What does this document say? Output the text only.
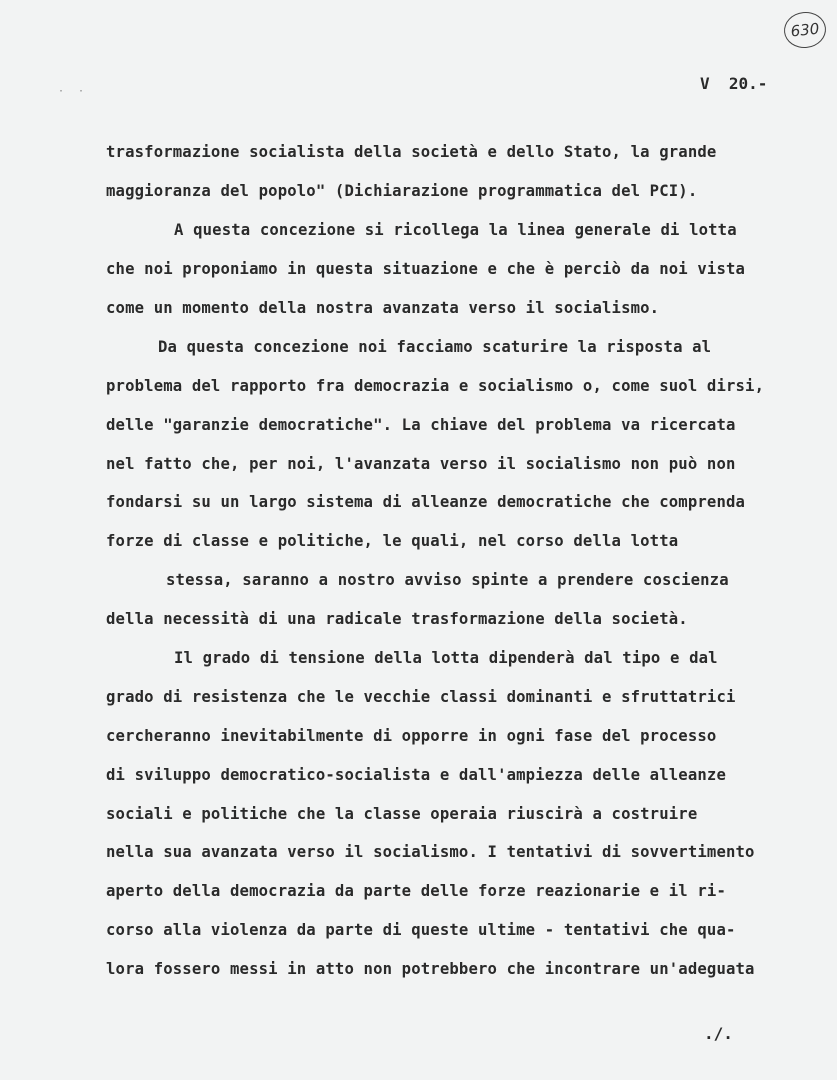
630
· ·	V  20.-
trasformazione socialista della società e dello Stato, la grande
maggioranza del popolo" (Dichiarazione programmatica del PCI).
A questa concezione si ricollega la linea generale di lotta
che noi proponiamo in questa situazione e che è perciò da noi vista
come un momento della nostra avanzata verso il socialismo.
Da questa concezione noi facciamo scaturire la risposta al
problema del rapporto fra democrazia e socialismo o, come suol dirsi,
delle "garanzie democratiche". La chiave del problema va ricercata
nel fatto che, per noi, l'avanzata verso il socialismo non può non
fondarsi su un largo sistema di alleanze democratiche che comprenda
forze di classe e politiche, le quali, nel corso della lotta
stessa, saranno a nostro avviso spinte a prendere coscienza
della necessità di una radicale trasformazione della società.
Il grado di tensione della lotta dipenderà dal tipo e dal
grado di resistenza che le vecchie classi dominanti e sfruttatrici
cercheranno inevitabilmente di opporre in ogni fase del processo
di sviluppo democratico-socialista e dall'ampiezza delle alleanze
sociali e politiche che la classe operaia riuscirà a costruire
nella sua avanzata verso il socialismo. I tentativi di sovvertimento
aperto della democrazia da parte delle forze reazionarie e il ri-
corso alla violenza da parte di queste ultime - tentativi che qua-
lora fossero messi in atto non potrebbero che incontrare un'adeguata
./.
